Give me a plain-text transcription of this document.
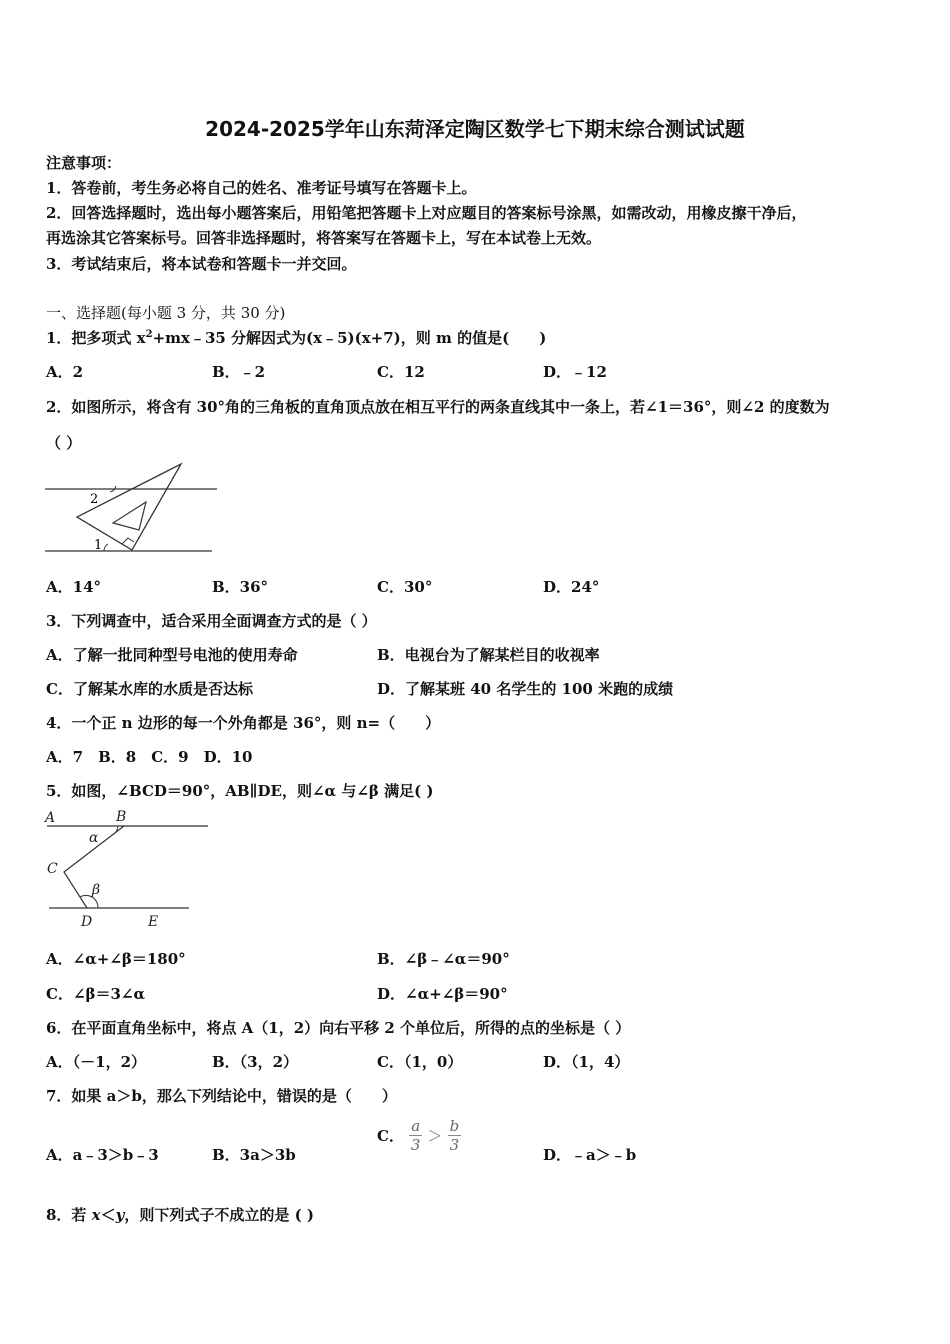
2024-2025学年山东菏泽定陶区数学七下期末综合测试试题
注意事项：
1．答卷前，考生务必将自己的姓名、准考证号填写在答题卡上。
2．回答选择题时，选出每小题答案后，用铅笔把答题卡上对应题目的答案标号涂黑，如需改动，用橡皮擦干净后，
再选涂其它答案标号。回答非选择题时，将答案写在答题卡上，写在本试卷上无效。
3．考试结束后，将本试卷和答题卡一并交回。
一、选择题(每小题 3 分，共 30 分)
1．把多项式 $x^2+mx﹣35$ 分解因式为(x﹣5)(x+7)，则 m 的值是(　　)
A．2	B．﹣2	C．12	D．﹣12
2．如图所示，将含有 30°角的三角板的直角顶点放在相互平行的两条直线其中一条上，若∠1＝36°，则∠2 的度数为
（ ）
2
1
A．14°	B．36°	C．30°	D．24°
3．下列调查中，适合采用全面调查方式的是（ ）
A．了解一批同种型号电池的使用寿命	B．电视台为了解某栏目的收视率
C．了解某水库的水质是否达标	D．了解某班 40 名学生的 100 米跑的成绩
4．一个正 n 边形的每一个外角都是 36°，则 n=（　　）
A．7　B．8　C．9　D．10
5．如图，∠BCD＝90°，AB∥DE，则∠α 与∠β 满足( )
A	B
C
D	E
α
β
A．∠α+∠β＝180°	B．∠β﹣∠α＝90°
C．∠β＝3∠α	D．∠α+∠β＝90°
6．在平面直角坐标中，将点 A（1，2）向右平移 2 个单位后，所得的点的坐标是（ ）
A．（－1，2）	B．（3，2）	C．（1，0）	D．（1，4）
7．如果 a＞b，那么下列结论中，错误的是（　　）
A．a﹣3＞b﹣3	B．3a＞3b
C． $\frac{a}{3} > \frac{b}{3}$
D．﹣a＞﹣b
8．若 x＜y，则下列式子不成立的是 ( )
